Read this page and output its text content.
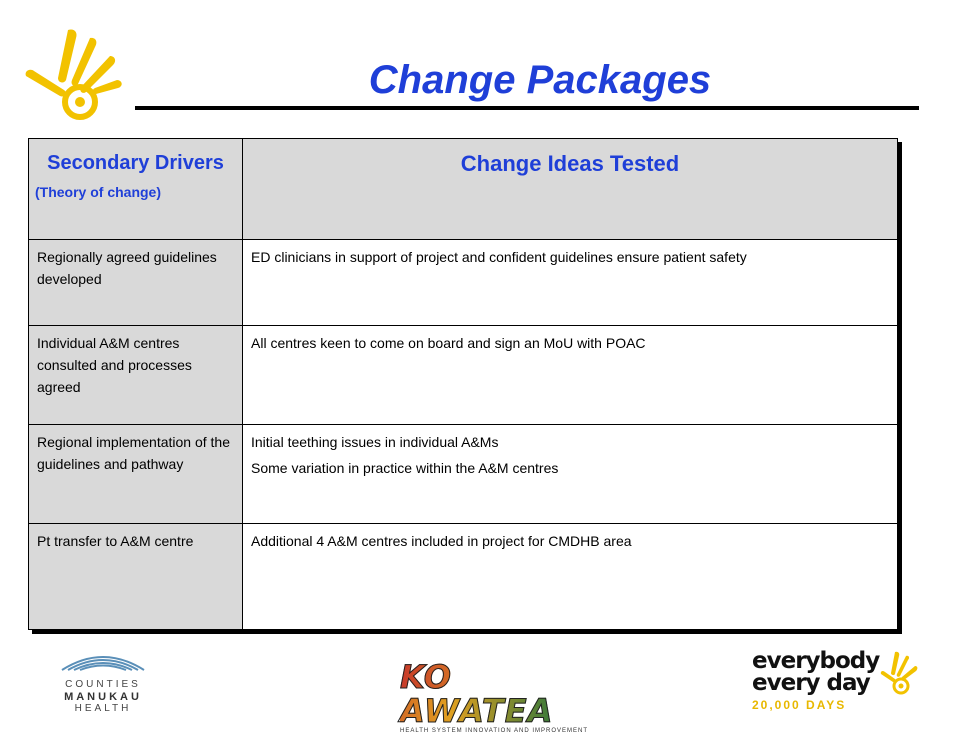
Change Packages
Secondary Drivers
(Theory of change)	Change Ideas Tested
Regionally agreed guidelines developed	ED clinicians in support of project and confident guidelines ensure patient safety

Individual A&M centres consulted and processes agreed	All centres keen to come on board and sign an MoU with POAC

Regional implementation of the guidelines and pathway	Initial teething issues in individual A&Ms

Some variation in practice within the A&M centres

Pt transfer to A&M centre	Additional 4 A&M centres included in project for CMDHB area

COUNTIES
MANUKAU
HEALTH
KO AWATEA
HEALTH SYSTEM INNOVATION AND IMPROVEMENT
everybody
every day
20,000 DAYS
